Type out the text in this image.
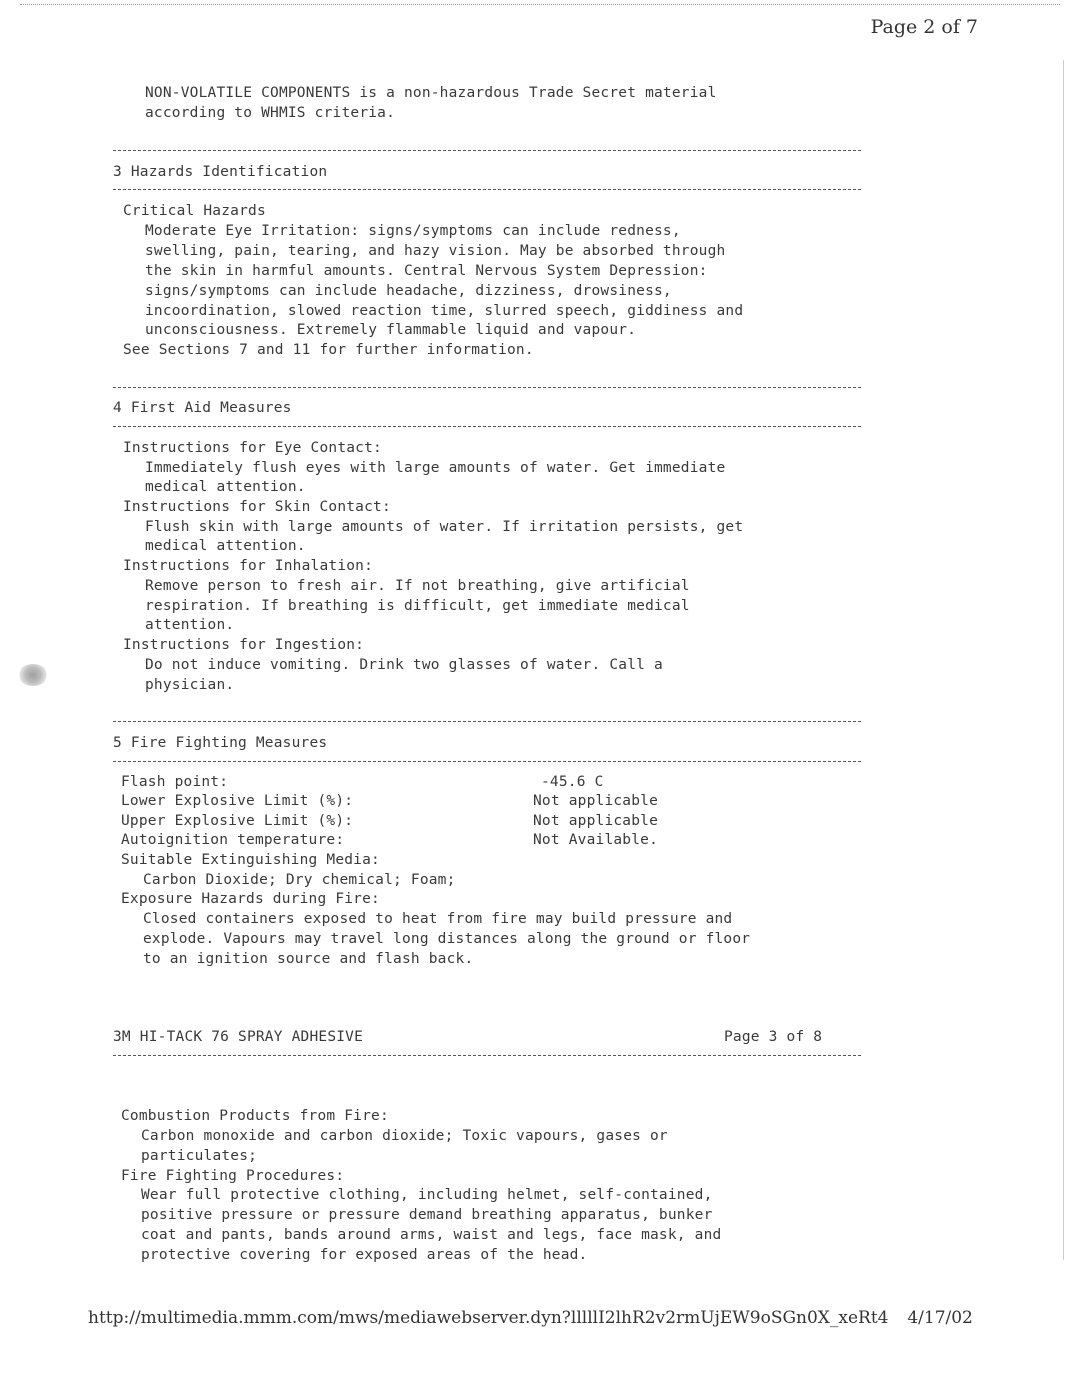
Page 2 of 7
NON-VOLATILE COMPONENTS is a non-hazardous Trade Secret material
according to WHMIS criteria.
3 Hazards Identification
Critical Hazards
Moderate Eye Irritation: signs/symptoms can include redness,
swelling, pain, tearing, and hazy vision. May be absorbed through
the skin in harmful amounts. Central Nervous System Depression:
signs/symptoms can include headache, dizziness, drowsiness,
incoordination, slowed reaction time, slurred speech, giddiness and
unconsciousness. Extremely flammable liquid and vapour.
See Sections 7 and 11 for further information.
4 First Aid Measures
Instructions for Eye Contact:
Immediately flush eyes with large amounts of water. Get immediate
medical attention.
Instructions for Skin Contact:
Flush skin with large amounts of water. If irritation persists, get
medical attention.
Instructions for Inhalation:
Remove person to fresh air. If not breathing, give artificial
respiration. If breathing is difficult, get immediate medical
attention.
Instructions for Ingestion:
Do not induce vomiting. Drink two glasses of water. Call a
physician.
5 Fire Fighting Measures
Flash point:	-45.6 C
Lower Explosive Limit (%):	Not applicable
Upper Explosive Limit (%):	Not applicable
Autoignition temperature:	Not Available.
Suitable Extinguishing Media:
Carbon Dioxide; Dry chemical; Foam;
Exposure Hazards during Fire:
Closed containers exposed to heat from fire may build pressure and
explode. Vapours may travel long distances along the ground or floor
to an ignition source and flash back.
3M HI-TACK 76 SPRAY ADHESIVE	Page 3 of 8
Combustion Products from Fire:
Carbon monoxide and carbon dioxide; Toxic vapours, gases or
particulates;
Fire Fighting Procedures:
Wear full protective clothing, including helmet, self-contained,
positive pressure or pressure demand breathing apparatus, bunker
coat and pants, bands around arms, waist and legs, face mask, and
protective covering for exposed areas of the head.
http://multimedia.mmm.com/mws/mediawebserver.dyn?lllllI2lhR2v2rmUjEW9oSGn0X_xeRt4 4/17/02
